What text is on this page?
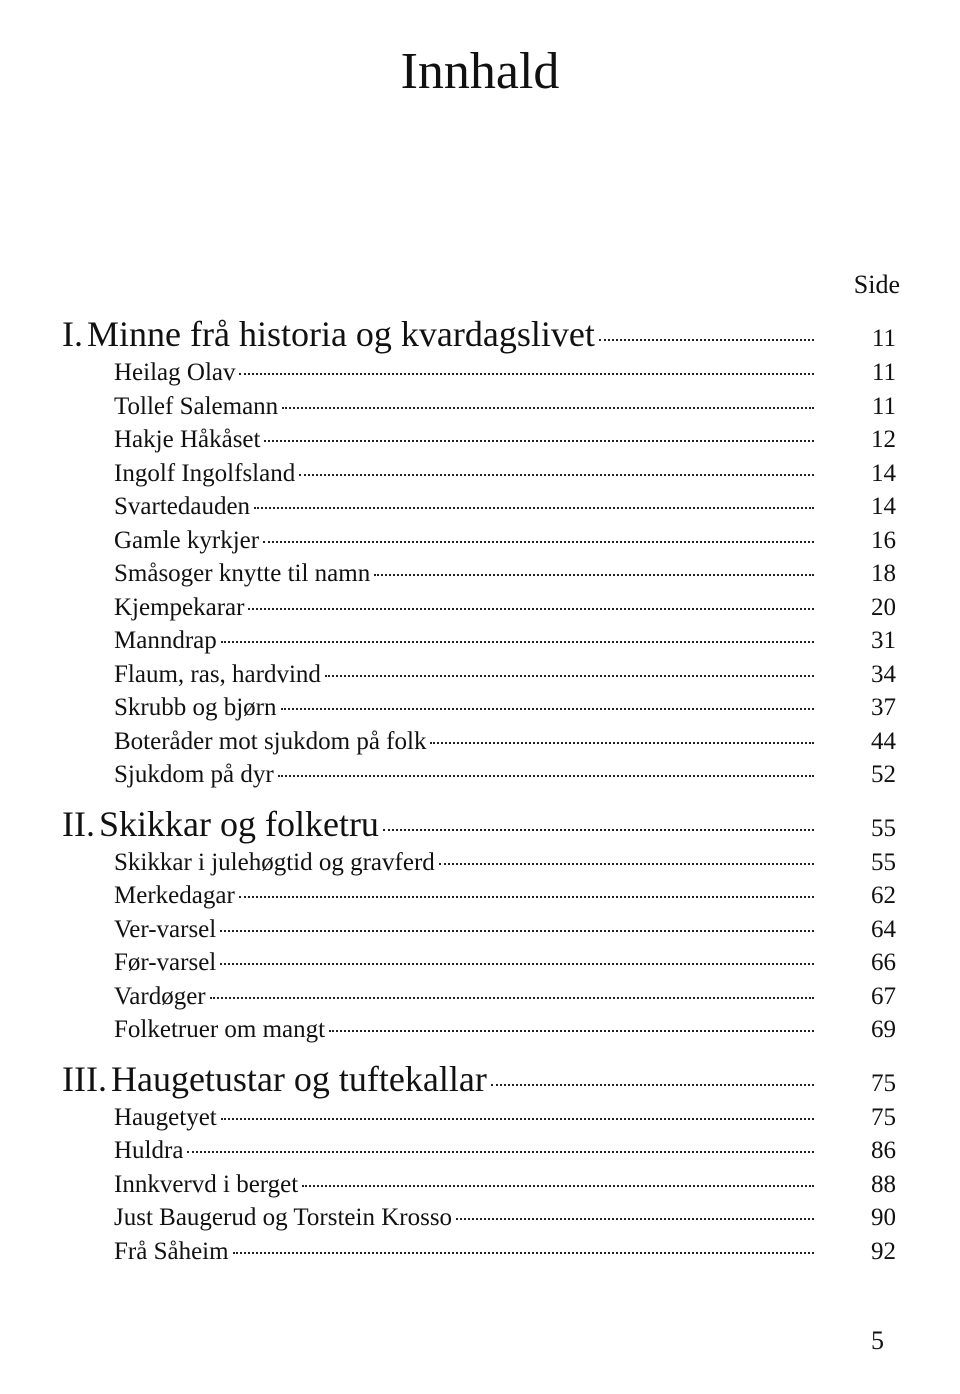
Innhald
Side
I. Minne frå historia og kvardagslivet	11
Heilag Olav	11
Tollef Salemann	11
Hakje Håkåset	12
Ingolf Ingolfsland	14
Svartedauden	14
Gamle kyrkjer	16
Småsoger knytte til namn	18
Kjempekarar	20
Manndrap	31
Flaum, ras, hardvind	34
Skrubb og bjørn	37
Boteråder mot sjukdom på folk	44
Sjukdom på dyr	52
II. Skikkar og folketru	55
Skikkar i julehøgtid og gravferd	55
Merkedagar	62
Ver-varsel	64
Før-varsel	66
Vardøger	67
Folketruer om mangt	69
III. Haugetustar og tuftekallar	75
Haugetyet	75
Huldra	86
Innkvervd i berget	88
Just Baugerud og Torstein Krosso	90
Frå Såheim	92
5
